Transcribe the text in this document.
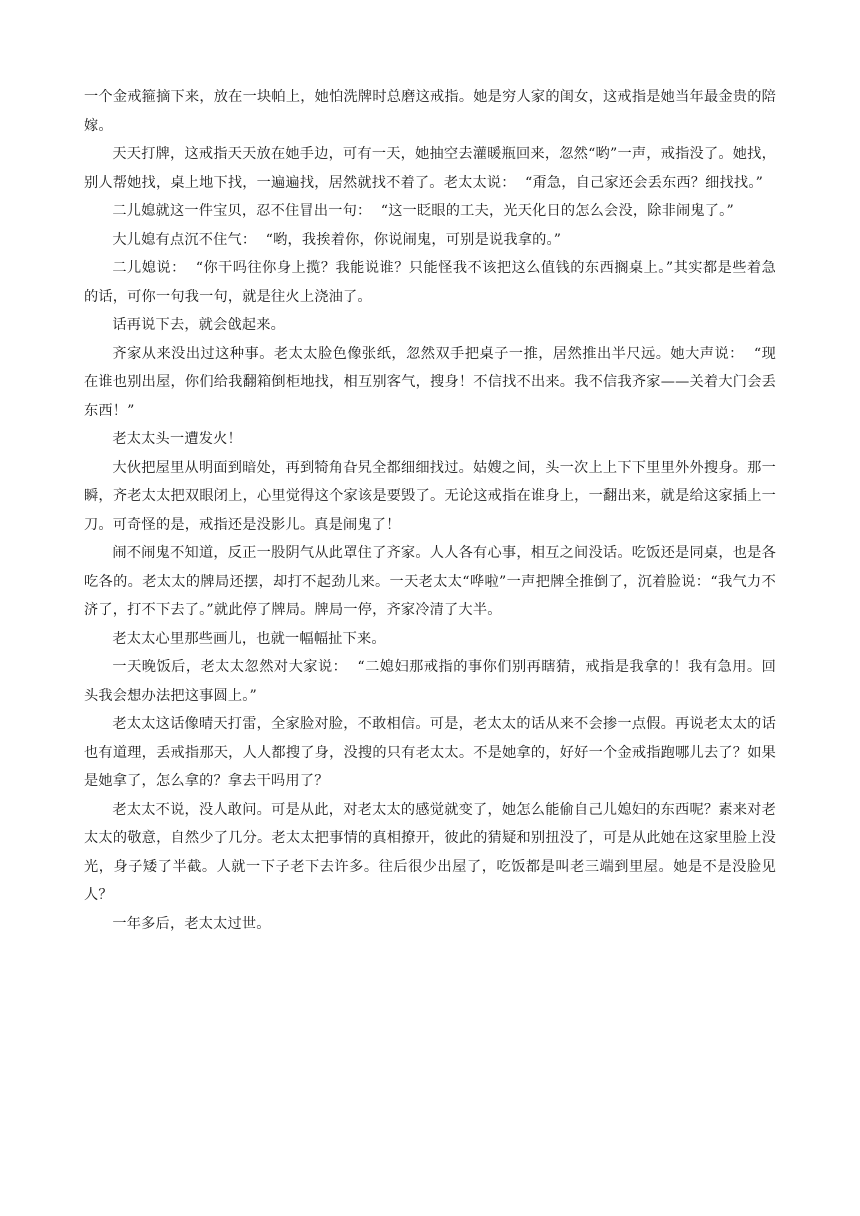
一个金戒箍摘下来，放在一块帕上，她怕洗牌时总磨这戒指。她是穷人家的闺女，这戒指是她当年最金贵的陪嫁。

天天打牌，这戒指天天放在她手边，可有一天，她抽空去灌暖瓶回来，忽然“哟”一声，戒指没了。她找，别人帮她找，桌上地下找，一遍遍找，居然就找不着了。老太太说：  “甭急，自己家还会丢东西？细找找。”

二儿媳就这一件宝贝，忍不住冒出一句：  “这一眨眼的工夫，光天化日的怎么会没，除非闹鬼了。”

大儿媳有点沉不住气：  “哟，我挨着你，你说闹鬼，可别是说我拿的。”

二儿媳说：  “你干吗往你身上揽？我能说谁？只能怪我不该把这么值钱的东西搁桌上。”其实都是些着急的话，可你一句我一句，就是往火上浇油了。

话再说下去，就会戗起来。

齐家从来没出过这种事。老太太脸色像张纸，忽然双手把桌子一推，居然推出半尺远。她大声说：  “现在谁也别出屋，你们给我翻箱倒柜地找，相互别客气，搜身！不信找不出来。我不信我齐家——关着大门会丢东西！”

老太太头一遭发火！

大伙把屋里从明面到暗处，再到犄角旮旯全都细细找过。姑嫂之间，头一次上上下下里里外外搜身。那一瞬，齐老太太把双眼闭上，心里觉得这个家该是要毁了。无论这戒指在谁身上，一翻出来，就是给这家插上一刀。可奇怪的是，戒指还是没影儿。真是闹鬼了！

闹不闹鬼不知道，反正一股阴气从此罩住了齐家。人人各有心事，相互之间没话。吃饭还是同桌，也是各吃各的。老太太的牌局还摆，却打不起劲儿来。一天老太太“哗啦”一声把牌全推倒了，沉着脸说：“我气力不济了，打不下去了。”就此停了牌局。牌局一停，齐家冷清了大半。

老太太心里那些画儿，也就一幅幅扯下来。

一天晚饭后，老太太忽然对大家说：  “二媳妇那戒指的事你们别再瞎猜，戒指是我拿的！我有急用。回头我会想办法把这事圆上。”

老太太这话像晴天打雷，全家脸对脸，不敢相信。可是，老太太的话从来不会掺一点假。再说老太太的话也有道理，丢戒指那天，人人都搜了身，没搜的只有老太太。不是她拿的，好好一个金戒指跑哪儿去了？如果是她拿了，怎么拿的？拿去干吗用了？

老太太不说，没人敢问。可是从此，对老太太的感觉就变了，她怎么能偷自己儿媳妇的东西呢？素来对老太太的敬意，自然少了几分。老太太把事情的真相撩开，彼此的猜疑和别扭没了，可是从此她在这家里脸上没光，身子矮了半截。人就一下子老下去许多。往后很少出屋了，吃饭都是叫老三端到里屋。她是不是没脸见人？

一年多后，老太太过世。
